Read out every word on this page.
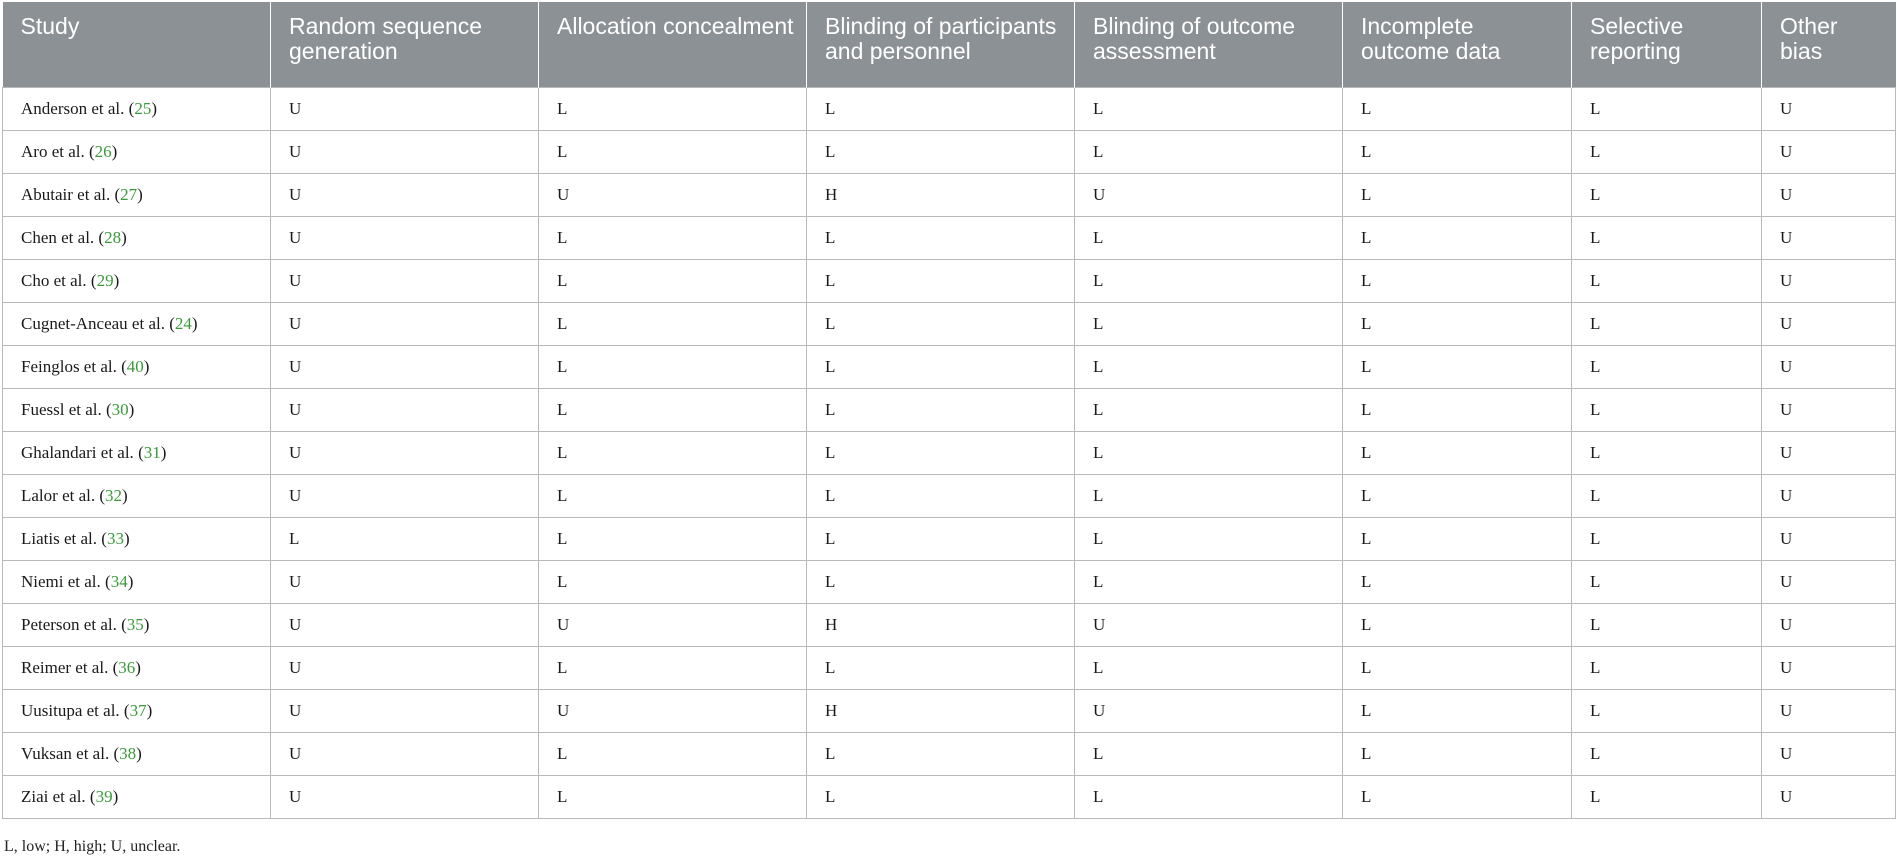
Study	Random sequence generation	Allocation concealment	Blinding of participants and personnel	Blinding of outcome assessment	Incomplete outcome data	Selective reporting	Other bias
Anderson et al. (25)	U	L	L	L	L	L	U
Aro et al. (26)	U	L	L	L	L	L	U
Abutair et al. (27)	U	U	H	U	L	L	U
Chen et al. (28)	U	L	L	L	L	L	U
Cho et al. (29)	U	L	L	L	L	L	U
Cugnet-Anceau et al. (24)	U	L	L	L	L	L	U
Feinglos et al. (40)	U	L	L	L	L	L	U
Fuessl et al. (30)	U	L	L	L	L	L	U
Ghalandari et al. (31)	U	L	L	L	L	L	U
Lalor et al. (32)	U	L	L	L	L	L	U
Liatis et al. (33)	L	L	L	L	L	L	U
Niemi et al. (34)	U	L	L	L	L	L	U
Peterson et al. (35)	U	U	H	U	L	L	U
Reimer et al. (36)	U	L	L	L	L	L	U
Uusitupa et al. (37)	U	U	H	U	L	L	U
Vuksan et al. (38)	U	L	L	L	L	L	U
Ziai et al. (39)	U	L	L	L	L	L	U
L, low; H, high; U, unclear.
